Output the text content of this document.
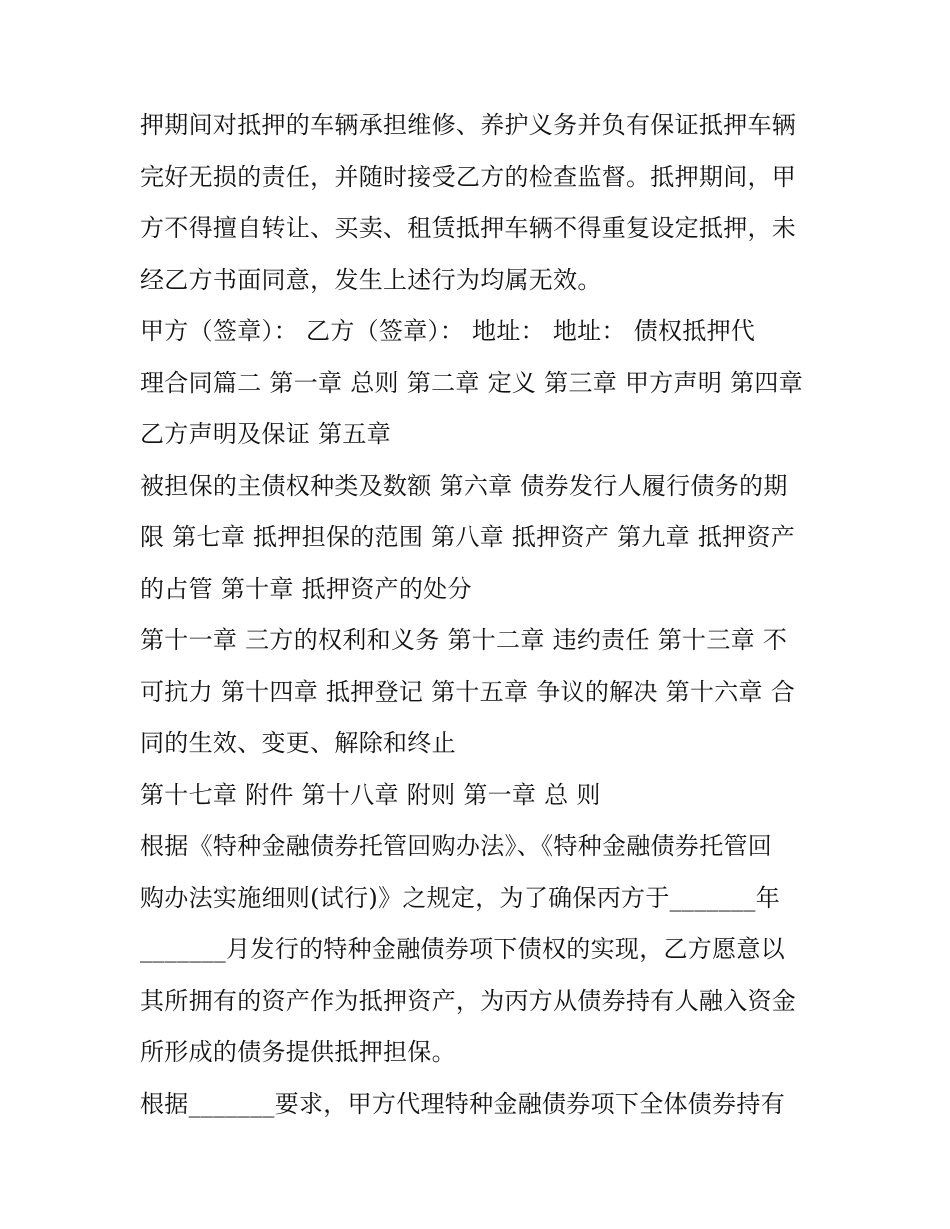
押期间对抵押的车辆承担维修、养护义务并负有保证抵押车辆
完好无损的责任，并随时接受乙方的检查监督。抵押期间，甲
方不得擅自转让、买卖、租赁抵押车辆不得重复设定抵押，未
经乙方书面同意，发生上述行为均属无效。
甲方（签章）： 乙方（签章）： 地址： 地址： 债权抵押代
理合同篇二 第一章 总则 第二章 定义 第三章 甲方声明 第四章
乙方声明及保证 第五章
被担保的主债权种类及数额 第六章 债券发行人履行债务的期
限 第七章 抵押担保的范围 第八章 抵押资产 第九章 抵押资产
的占管 第十章 抵押资产的处分
第十一章 三方的权利和义务 第十二章 违约责任 第十三章 不
可抗力 第十四章 抵押登记 第十五章 争议的解决 第十六章 合
同的生效、变更、解除和终止
第十七章 附件 第十八章 附则 第一章 总 则
根据《特种金融债券托管回购办法》、《特种金融债券托管回
购办法实施细则(试行)》之规定，为了确保丙方于_______年
_______月发行的特种金融债券项下债权的实现，乙方愿意以
其所拥有的资产作为抵押资产，为丙方从债券持有人融入资金
所形成的债务提供抵押担保。
根据_______要求，甲方代理特种金融债券项下全体债券持有
